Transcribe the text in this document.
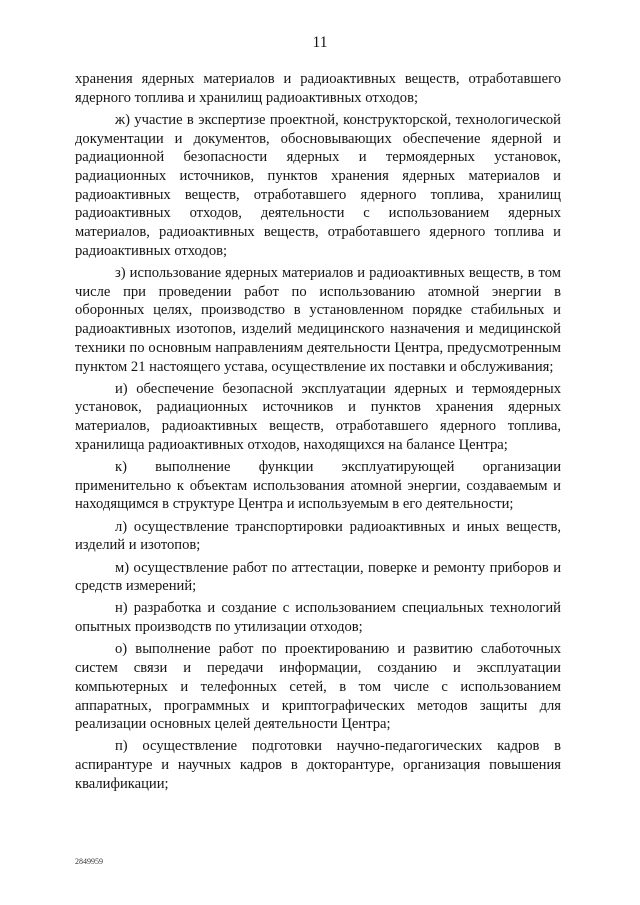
11

хранения ядерных материалов и радиоактивных веществ, отработавшего ядерного топлива и хранилищ радиоактивных отходов;

ж) участие в экспертизе проектной, конструкторской, технологической документации и документов, обосновывающих обеспечение ядерной и радиационной безопасности ядерных и термоядерных установок, радиационных источников, пунктов хранения ядерных материалов и радиоактивных веществ, отработавшего ядерного топлива, хранилищ радиоактивных отходов, деятельности с использованием ядерных материалов, радиоактивных веществ, отработавшего ядерного топлива и радиоактивных отходов;

з) использование ядерных материалов и радиоактивных веществ, в том числе при проведении работ по использованию атомной энергии в оборонных целях, производство в установленном порядке стабильных и радиоактивных изотопов, изделий медицинского назначения и медицинской техники по основным направлениям деятельности Центра, предусмотренным пунктом 21 настоящего устава, осуществление их поставки и обслуживания;

и) обеспечение безопасной эксплуатации ядерных и термоядерных установок, радиационных источников и пунктов хранения ядерных материалов, радиоактивных веществ, отработавшего ядерного топлива, хранилища радиоактивных отходов, находящихся на балансе Центра;

к) выполнение функции эксплуатирующей организации применительно к объектам использования атомной энергии, создаваемым и находящимся в структуре Центра и используемым в его деятельности;

л) осуществление транспортировки радиоактивных и иных веществ, изделий и изотопов;

м) осуществление работ по аттестации, поверке и ремонту приборов и средств измерений;

н) разработка и создание с использованием специальных технологий опытных производств по утилизации отходов;

о) выполнение работ по проектированию и развитию слаботочных систем связи и передачи информации, созданию и эксплуатации компьютерных и телефонных сетей, в том числе с использованием аппаратных, программных и криптографических методов защиты для реализации основных целей деятельности Центра;

п) осуществление подготовки научно-педагогических кадров в аспирантуре и научных кадров в докторантуре, организация повышения квалификации;

2849959
